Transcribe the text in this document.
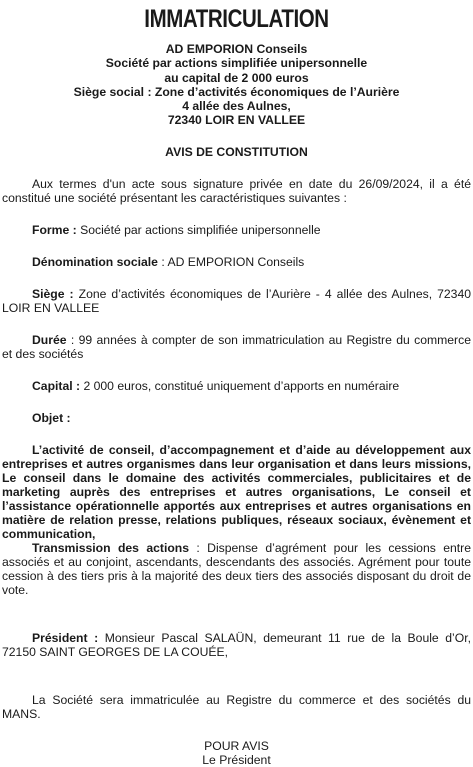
IMMATRICULATION
AD EMPORION Conseils
Société par actions simplifiée unipersonnelle
au capital de 2 000 euros
Siège social : Zone d’activités économiques de l’Aurière
4 allée des Aulnes,
72340 LOIR EN VALLEE
AVIS DE CONSTITUTION

Aux termes d'un acte sous signature privée en date du 26/09/2024, il a été constitué une société présentant les caractéristiques suivantes :

Forme : Société par actions simplifiée unipersonnelle

Dénomination sociale : AD EMPORION Conseils

Siège : Zone d’activités économiques de l’Aurière - 4 allée des Aulnes, 72340 LOIR EN VALLEE

Durée : 99 années à compter de son immatriculation au Registre du commerce et des sociétés

Capital : 2 000 euros, constitué uniquement d’apports en numéraire

Objet :

L’activité de conseil, d’accompagnement et d’aide au développement aux entreprises et autres organismes dans leur organisation et dans leurs missions, Le conseil dans le domaine des activités commerciales, publicitaires et de marketing auprès des entreprises et autres organisations, Le conseil et l’assistance opérationnelle apportés aux entreprises et autres organisations en matière de relation presse, relations publiques, réseaux sociaux, évènement et communication,

Transmission des actions : Dispense d’agrément pour les cessions entre associés et au conjoint, ascendants, descendants des associés. Agrément pour toute cession à des tiers pris à la majorité des deux tiers des associés disposant du droit de vote.

Président : Monsieur Pascal SALAÜN, demeurant 11 rue de la Boule d’Or, 72150 SAINT GEORGES DE LA COUÉE,

La Société sera immatriculée au Registre du commerce et des sociétés du MANS.

POUR AVIS
Le Président
